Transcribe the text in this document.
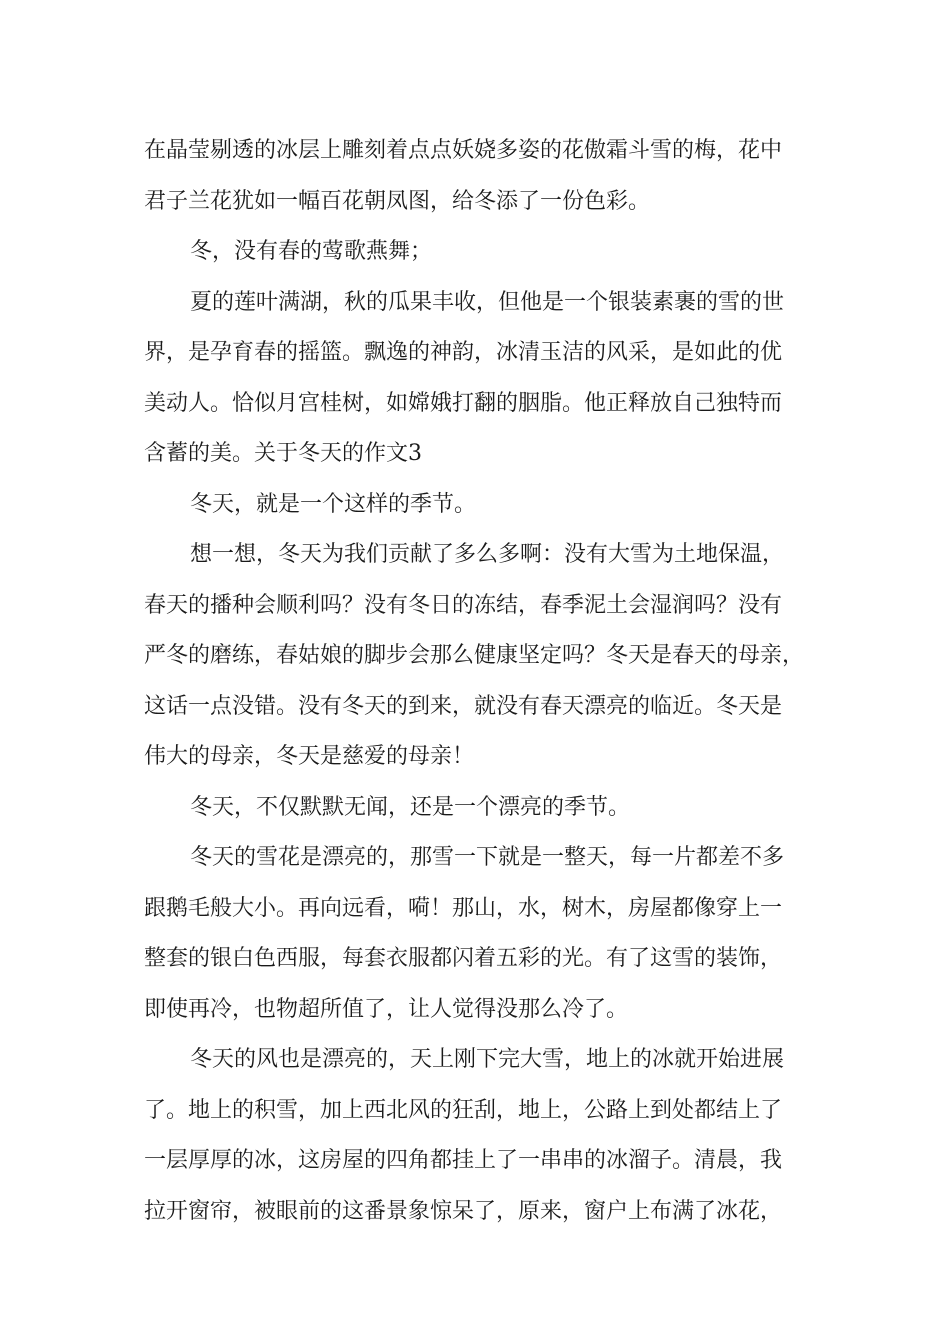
在晶莹剔透的冰层上雕刻着点点妖娆多姿的花傲霜斗雪的梅，花中
君子兰花犹如一幅百花朝凤图，给冬添了一份色彩。
冬，没有春的莺歌燕舞；
夏的莲叶满湖，秋的瓜果丰收，但他是一个银装素裹的雪的世
界，是孕育春的摇篮。飘逸的神韵，冰清玉洁的风采，是如此的优
美动人。恰似月宫桂树，如嫦娥打翻的胭脂。他正释放自己独特而
含蓄的美。关于冬天的作文3
冬天，就是一个这样的季节。
想一想，冬天为我们贡献了多么多啊：没有大雪为土地保温，
春天的播种会顺利吗？没有冬日的冻结，春季泥土会湿润吗？没有
严冬的磨练，春姑娘的脚步会那么健康坚定吗？冬天是春天的母亲，
这话一点没错。没有冬天的到来，就没有春天漂亮的临近。冬天是
伟大的母亲，冬天是慈爱的母亲！
冬天，不仅默默无闻，还是一个漂亮的季节。
冬天的雪花是漂亮的，那雪一下就是一整天，每一片都差不多
跟鹅毛般大小。再向远看，嗬！那山，水，树木，房屋都像穿上一
整套的银白色西服，每套衣服都闪着五彩的光。有了这雪的装饰，
即使再冷，也物超所值了，让人觉得没那么冷了。
冬天的风也是漂亮的，天上刚下完大雪，地上的冰就开始进展
了。地上的积雪，加上西北风的狂刮，地上，公路上到处都结上了
一层厚厚的冰，这房屋的四角都挂上了一串串的冰溜子。清晨，我
拉开窗帘，被眼前的这番景象惊呆了，原来，窗户上布满了冰花，
